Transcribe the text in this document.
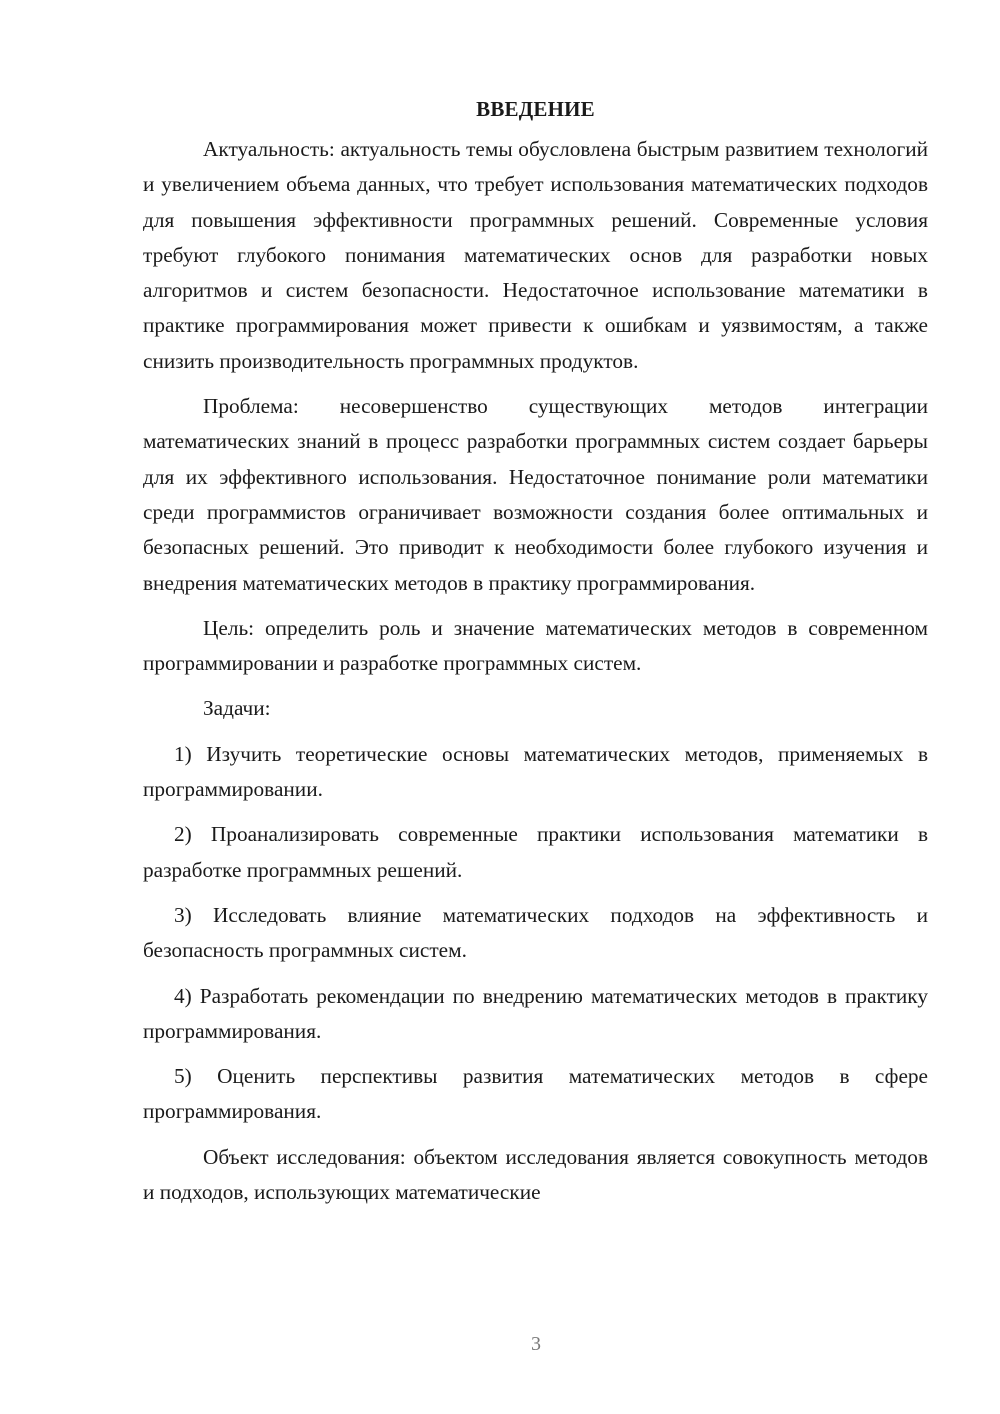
ВВЕДЕНИЕ

Актуальность: актуальность темы обусловлена быстрым развитием технологий и увеличением объема данных, что требует использования математических подходов для повышения эффективности программных решений. Современные условия требуют глубокого понимания математических основ для разработки новых алгоритмов и систем безопасности. Недостаточное использование математики в практике программирования может привести к ошибкам и уязвимостям, а также снизить производительность программных продуктов.

Проблема: несовершенство существующих методов интеграции математических знаний в процесс разработки программных систем создает барьеры для их эффективного использования. Недостаточное понимание роли математики среди программистов ограничивает возможности создания более оптимальных и безопасных решений. Это приводит к необходимости более глубокого изучения и внедрения математических методов в практику программирования.

Цель: определить роль и значение математических методов в современном программировании и разработке программных систем.

Задачи:

1) Изучить теоретические основы математических методов, применяемых в программировании.

2) Проанализировать современные практики использования математики в разработке программных решений.

3) Исследовать влияние математических подходов на эффективность и безопасность программных систем.

4) Разработать рекомендации по внедрению математических методов в практику программирования.

5) Оценить перспективы развития математических методов в сфере программирования.

Объект исследования: объектом исследования является совокупность методов и подходов, использующих математические

3
